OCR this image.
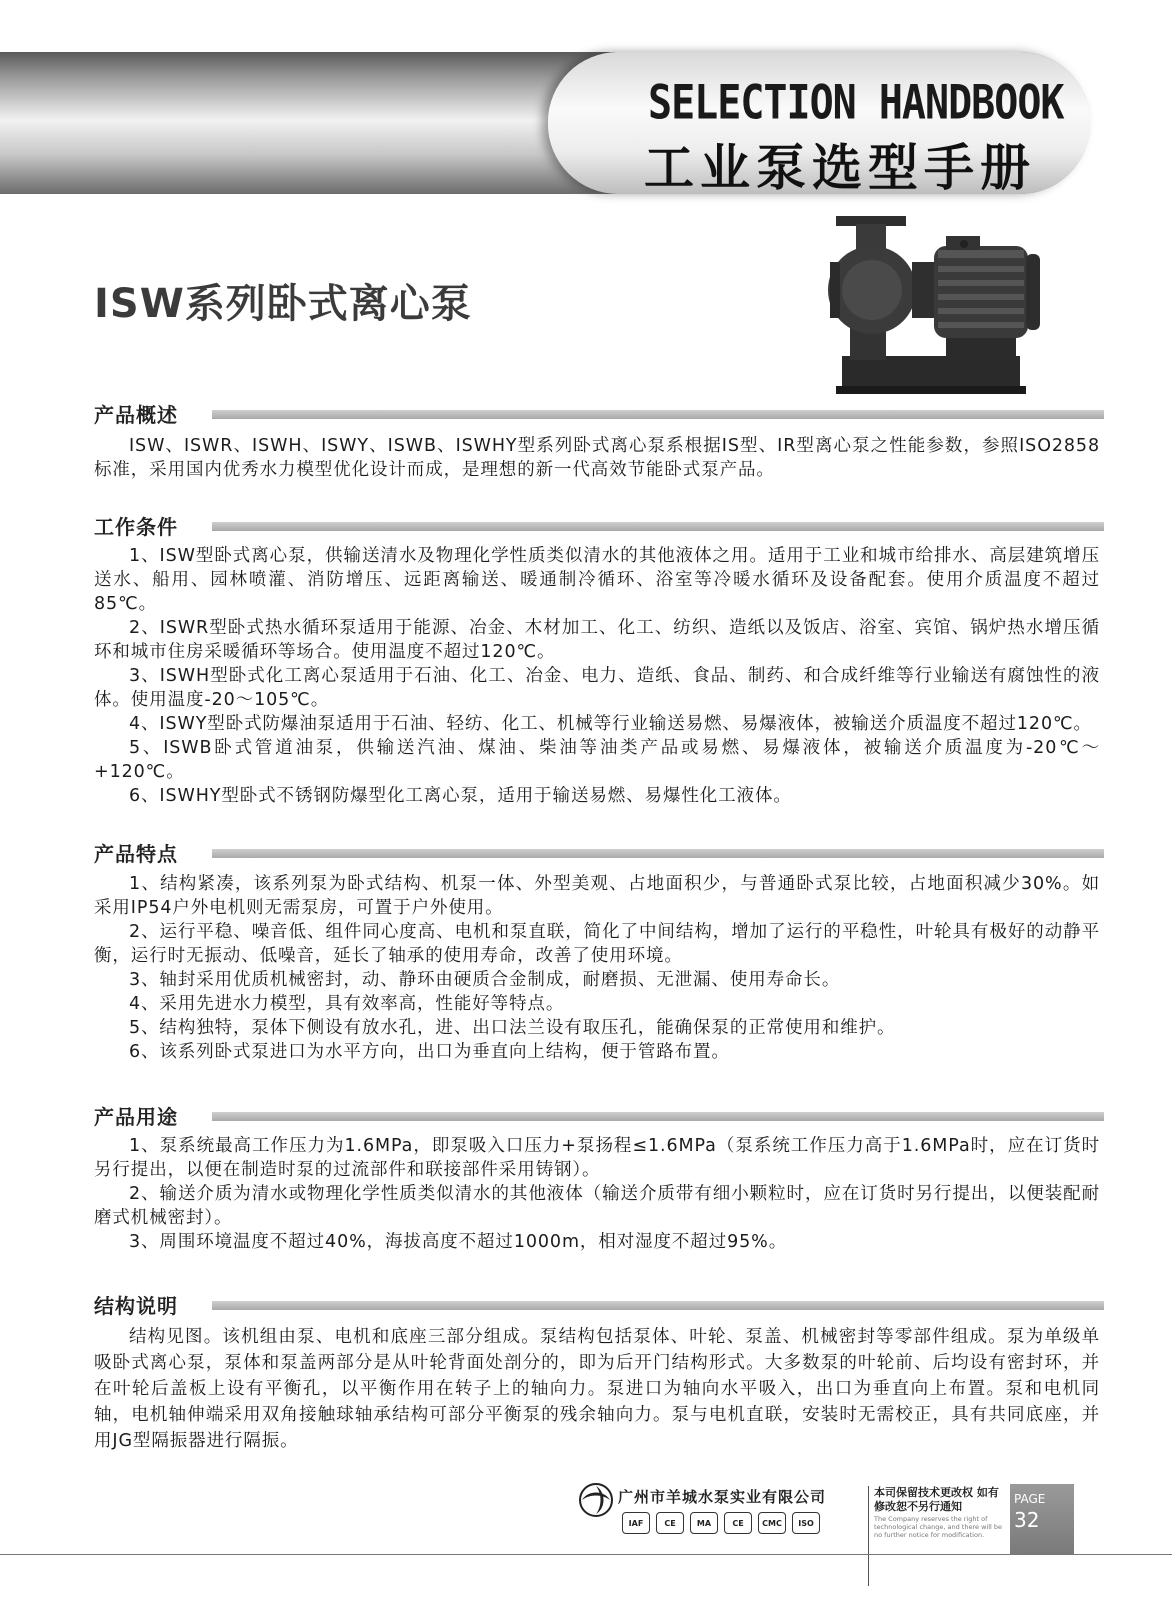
SELECTION HANDBOOK
工业泵选型手册
ISW系列卧式离心泵
产品概述

ISW、ISWR、ISWH、ISWY、ISWB、ISWHY型系列卧式离心泵系根据IS型、IR型离心泵之性能参数，参照ISO2858标准，采用国内优秀水力模型优化设计而成，是理想的新一代高效节能卧式泵产品。

工作条件

1、ISW型卧式离心泵，供输送清水及物理化学性质类似清水的其他液体之用。适用于工业和城市给排水、高层建筑增压送水、船用、园林喷灌、消防增压、远距离输送、暖通制冷循环、浴室等冷暖水循环及设备配套。使用介质温度不超过85℃。

2、ISWR型卧式热水循环泵适用于能源、冶金、木材加工、化工、纺织、造纸以及饭店、浴室、宾馆、锅炉热水增压循环和城市住房采暖循环等场合。使用温度不超过120℃。

3、ISWH型卧式化工离心泵适用于石油、化工、冶金、电力、造纸、食品、制药、和合成纤维等行业输送有腐蚀性的液体。使用温度-20～105℃。

4、ISWY型卧式防爆油泵适用于石油、轻纺、化工、机械等行业输送易燃、易爆液体，被输送介质温度不超过120℃。

5、ISWB卧式管道油泵，供输送汽油、煤油、柴油等油类产品或易燃、易爆液体，被输送介质温度为-20℃～+120℃。

6、ISWHY型卧式不锈钢防爆型化工离心泵，适用于输送易燃、易爆性化工液体。

产品特点

1、结构紧凑，该系列泵为卧式结构、机泵一体、外型美观、占地面积少，与普通卧式泵比较，占地面积减少30%。如采用IP54户外电机则无需泵房，可置于户外使用。

2、运行平稳、噪音低、组件同心度高、电机和泵直联，简化了中间结构，增加了运行的平稳性，叶轮具有极好的动静平衡，运行时无振动、低噪音，延长了轴承的使用寿命，改善了使用环境。

3、轴封采用优质机械密封，动、静环由硬质合金制成，耐磨损、无泄漏、使用寿命长。

4、采用先进水力模型，具有效率高，性能好等特点。

5、结构独特，泵体下侧设有放水孔，进、出口法兰设有取压孔，能确保泵的正常使用和维护。

6、该系列卧式泵进口为水平方向，出口为垂直向上结构，便于管路布置。

产品用途

1、泵系统最高工作压力为1.6MPa，即泵吸入口压力+泵扬程≤1.6MPa（泵系统工作压力高于1.6MPa时，应在订货时另行提出，以便在制造时泵的过流部件和联接部件采用铸钢）。

2、输送介质为清水或物理化学性质类似清水的其他液体（输送介质带有细小颗粒时，应在订货时另行提出，以便装配耐磨式机械密封）。

3、周围环境温度不超过40%，海拔高度不超过1000m，相对湿度不超过95%。

结构说明

结构见图。该机组由泵、电机和底座三部分组成。泵结构包括泵体、叶轮、泵盖、机械密封等零部件组成。泵为单级单吸卧式离心泵，泵体和泵盖两部分是从叶轮背面处剖分的，即为后开门结构形式。大多数泵的叶轮前、后均设有密封环，并在叶轮后盖板上设有平衡孔，以平衡作用在转子上的轴向力。泵进口为轴向水平吸入，出口为垂直向上布置。泵和电机同轴，电机轴伸端采用双角接触球轴承结构可部分平衡泵的残余轴向力。泵与电机直联，安装时无需校正，具有共同底座，并用JG型隔振器进行隔振。

广州市羊城水泵实业有限公司
IAF	CE	MA	CE	CMC	ISO
本司保留技术更改权 如有修改恕不另行通知
The Company reserves the right of technological change, and there will be no further notice for modification.
PAGE
32
